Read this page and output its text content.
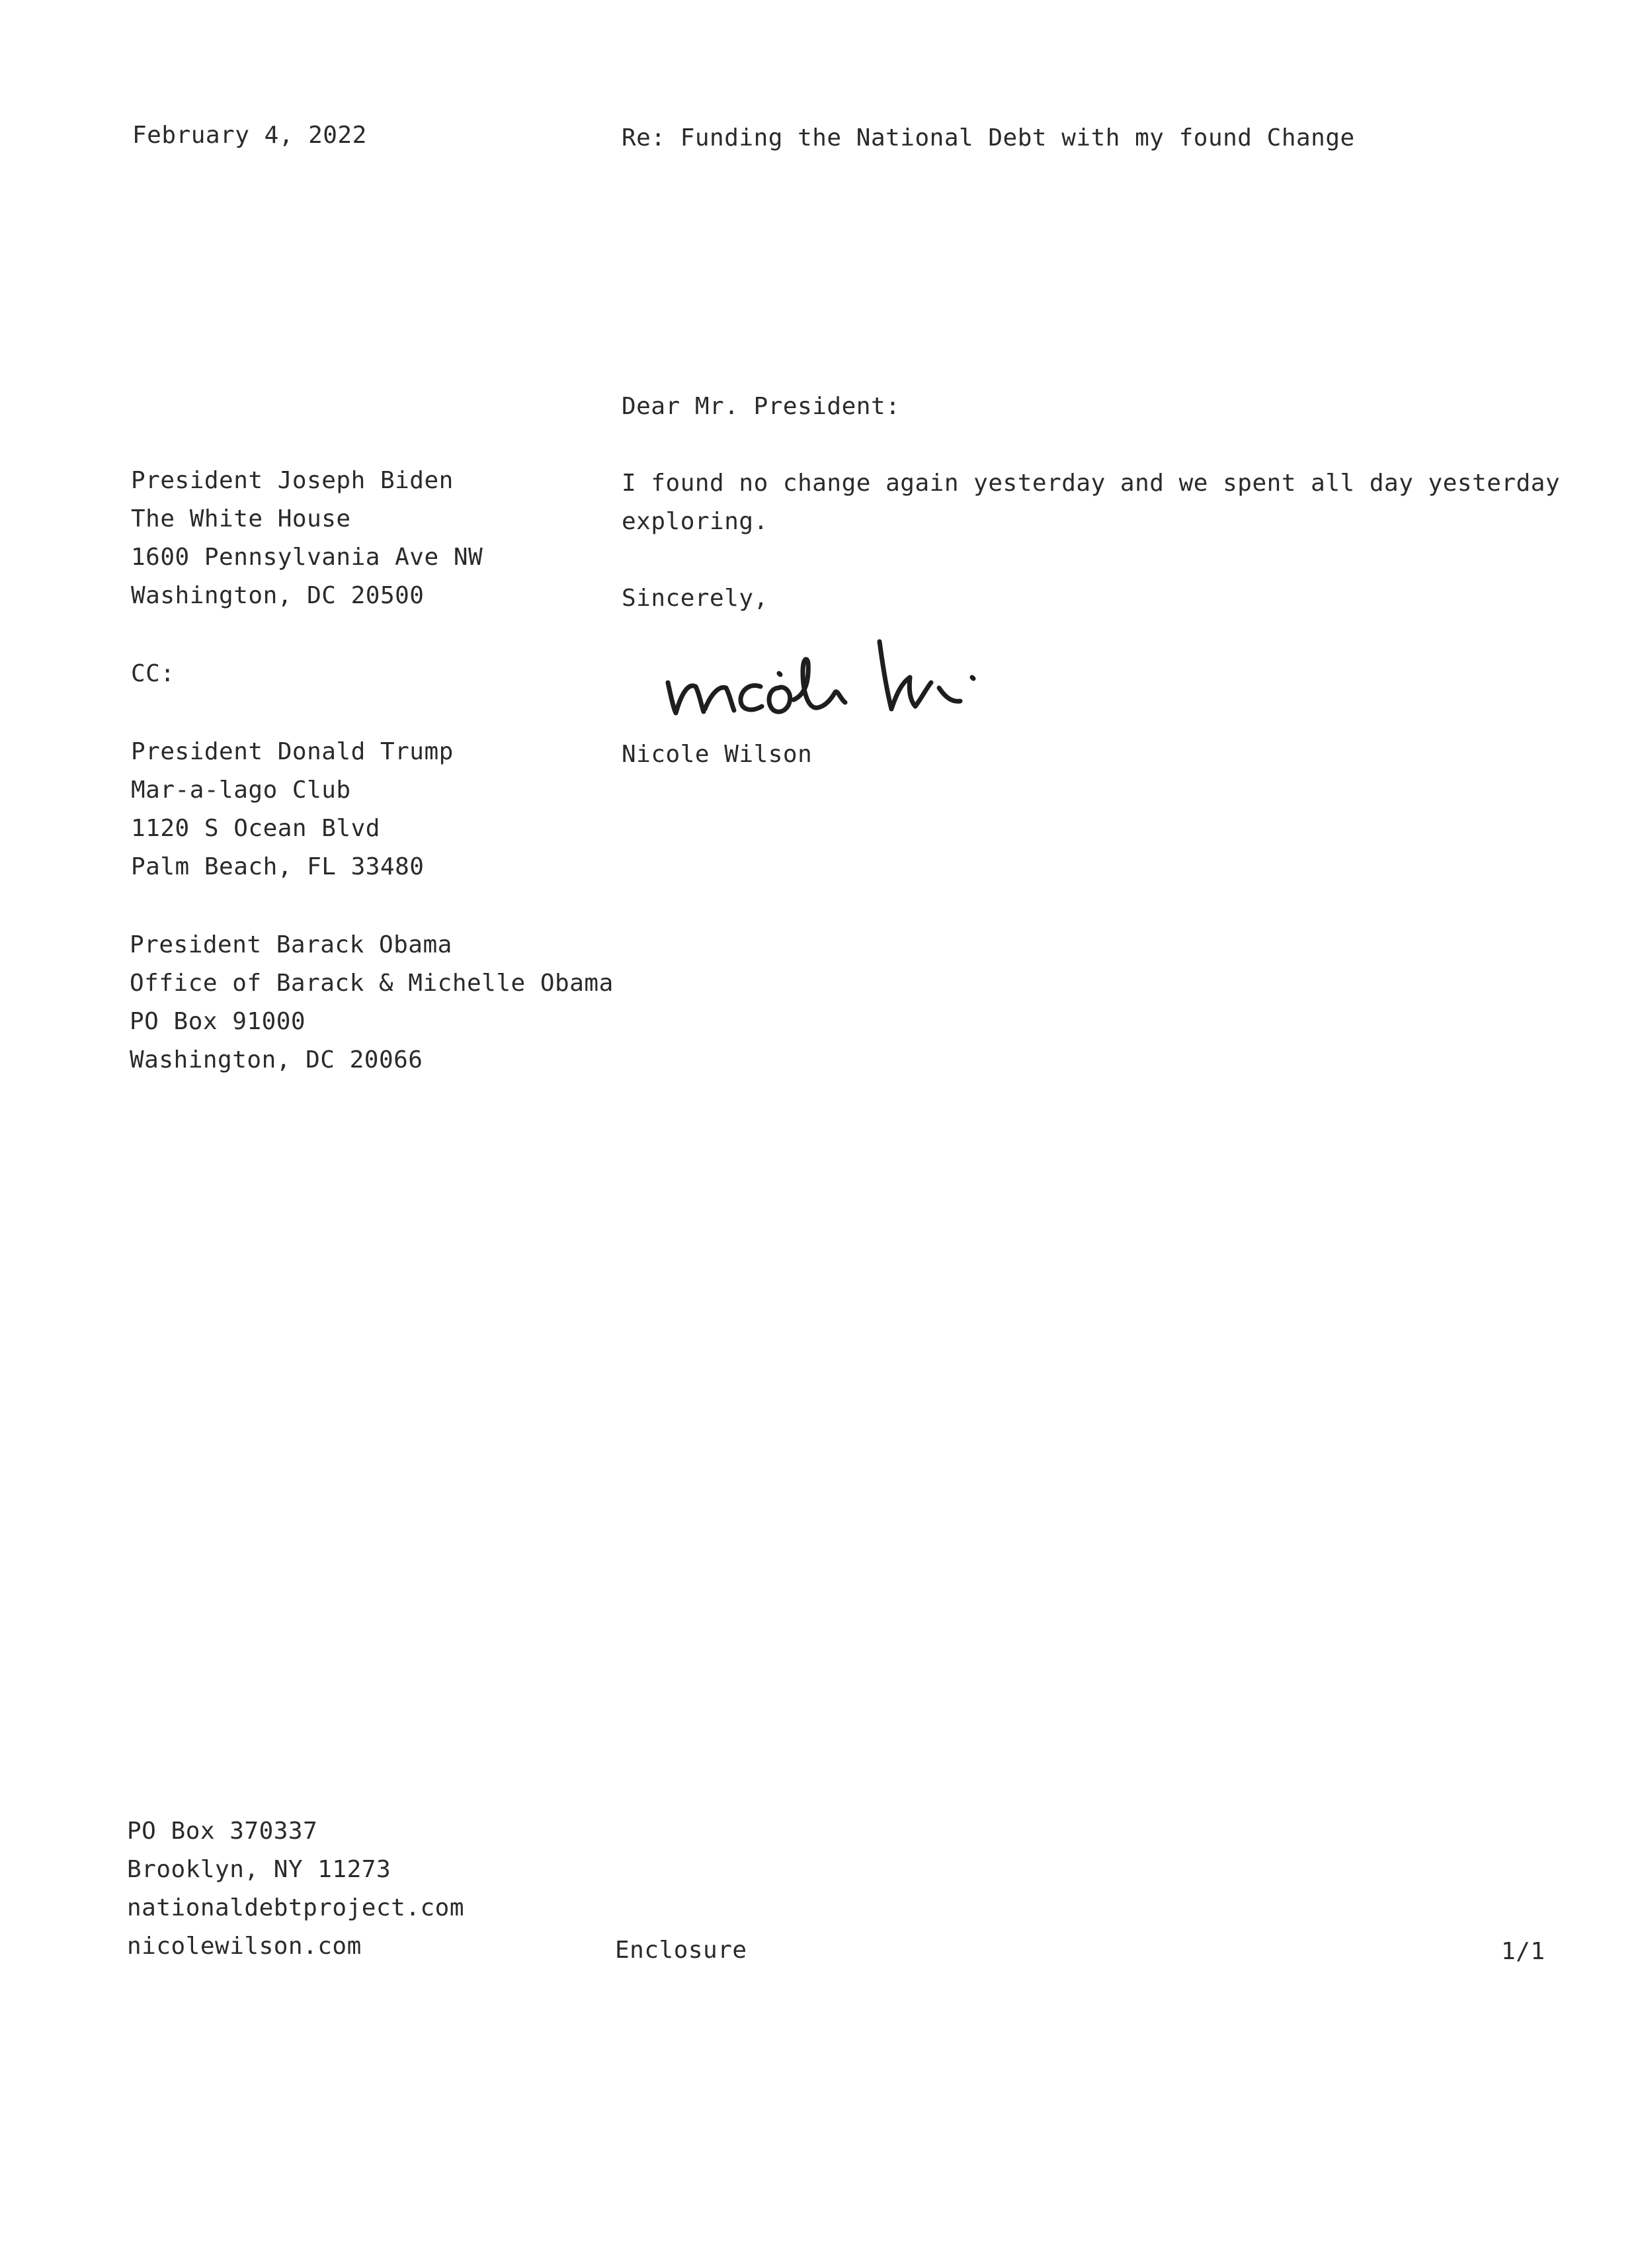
February 4, 2022	Re: Funding the National Debt with my found Change
Dear Mr. President:
I found no change again yesterday and we spent all day yesterday
exploring.
Sincerely,
Nicole Wilson
President Joseph Biden
The White House
1600 Pennsylvania Ave NW
Washington, DC 20500
CC:
President Donald Trump
Mar-a-lago Club
1120 S Ocean Blvd
Palm Beach, FL 33480
President Barack Obama
Office of Barack & Michelle Obama
PO Box 91000
Washington, DC 20066
PO Box 370337
Brooklyn, NY 11273
nationaldebtproject.com
nicolewilson.com	Enclosure	1/1
